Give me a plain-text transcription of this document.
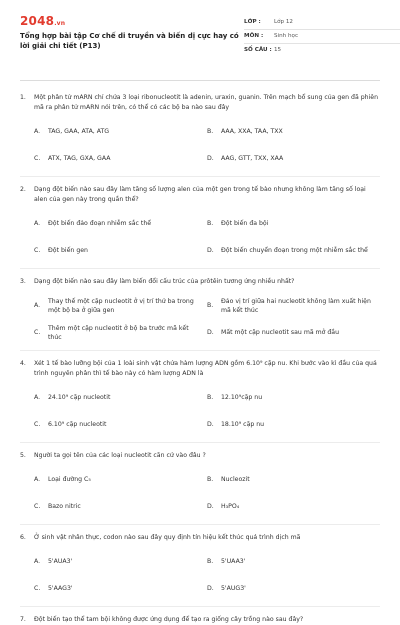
2048.vn
Tổng hợp bài tập Cơ chế di truyền và biến dị cực hay có lời giải chi tiết (P13)
LỚP :	Lớp 12
MÔN :	Sinh học
SỐ CÂU : 15
1.	Một phân tử mARN chỉ chứa 3 loại ribonucleotit là adenin, uraxin, guanin. Trên mạch bổ sung của gen đã phiên mã ra phân tử mARN nói trên, có thể có các bộ ba nào sau đây
A.	TAG, GAA, ATA, ATG	B.	AAA, XXA, TAA, TXX
C.	ATX, TAG, GXA, GAA	D.	AAG, GTT, TXX, XAA
2.	Dạng đột biến nào sau đây làm tăng số lượng alen của một gen trong tế bào nhưng không làm tăng số loại alen của gen này trong quần thể?
A.	Đột biến đảo đoạn nhiễm sắc thể	B.	Đột biến đa bội
C.	Đột biến gen	D.	Đột biến chuyển đoạn trong một nhiễm sắc thể
3.	Dạng đột biến nào sau đây làm biến đổi cấu trúc của prôtêin tương ứng nhiều nhất?
A.
Thay thế một cặp nucleotit ở vị trí thứ ba trong một bộ ba ở giữa gen
B.
Đảo vị trí giữa hai nucleotit không làm xuất hiện mã kết thúc
C.
Thêm một cặp nucleotit ở bộ ba trước mã kết thúc
D.	Mất một cặp nucleotit sau mã mở đầu
4.	Xét 1 tế bào lưỡng bội của 1 loài sinh vật chứa hàm lượng ADN gồm 6.10⁹ cặp nu. Khi bước vào kì đầu của quá trình nguyên phân thì tế bào này có hàm lượng ADN là
A.	24.10⁹ cặp nucleotit	B.	12.10⁹cặp nu
C.	6.10⁹ cặp nucleotit	D.	18.10⁹ cặp nu
5.	Người ta gọi tên của các loại nucleotit căn cứ vào đâu ?
A.	Loại đường C₅	B.	Nucleozit
C.	Bazo nitric	D.	H₃PO₄
6.	Ở sinh vật nhân thực, codon nào sau đây quy định tín hiệu kết thúc quá trình dịch mã
A.	5'AUA3'	B.	5'UAA3'
C.	5'AAG3'	D.	5'AUG3'
7.	Đột biến tạo thể tam bội không được ứng dụng để tạo ra giống cây trồng nào sau đây?
